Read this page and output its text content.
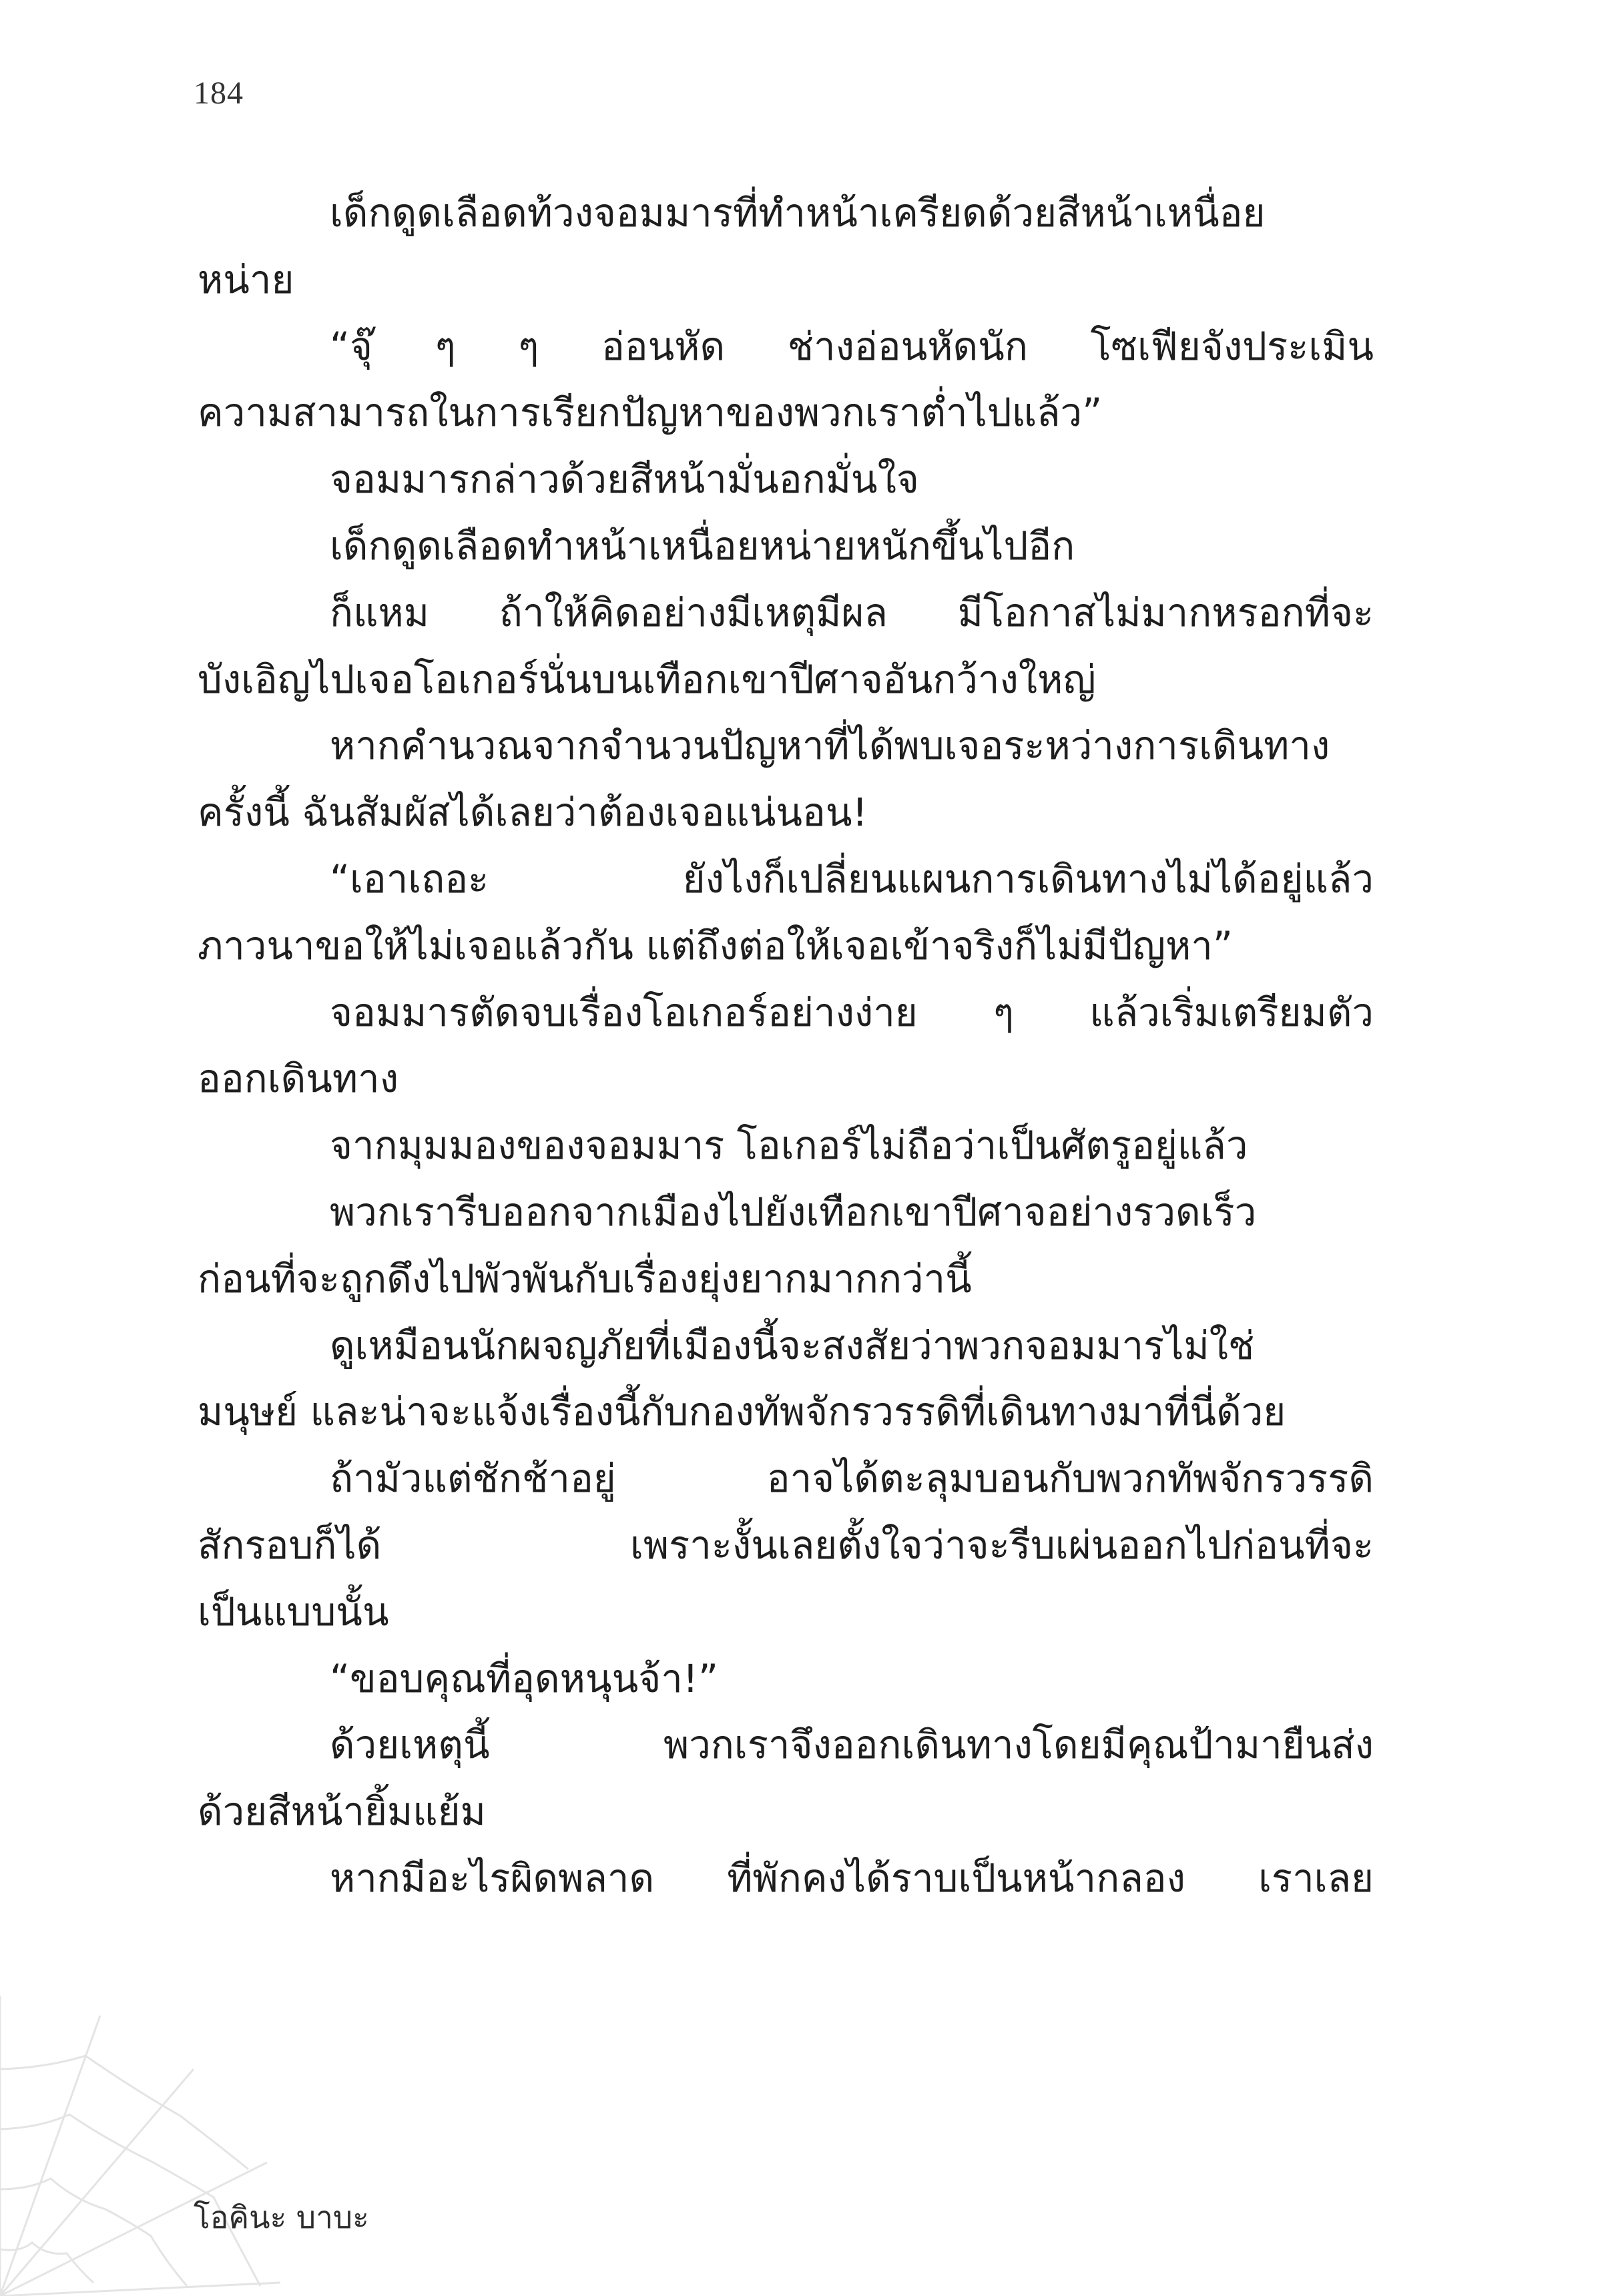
184
เด็กดูดเลือดท้วงจอมมารที่ทำหน้าเครียดด้วยสีหน้าเหนื่อย
หน่าย
“จุ๊ ๆ ๆ อ่อนหัด ช่างอ่อนหัดนัก โซเฟียจังประเมิน
ความสามารถในการเรียกปัญหาของพวกเราต่ำไปแล้ว”
จอมมารกล่าวด้วยสีหน้ามั่นอกมั่นใจ
เด็กดูดเลือดทำหน้าเหนื่อยหน่ายหนักขึ้นไปอีก
ก็แหม ถ้าให้คิดอย่างมีเหตุมีผล มีโอกาสไม่มากหรอกที่จะ
บังเอิญไปเจอโอเกอร์นั่นบนเทือกเขาปีศาจอันกว้างใหญ่
หากคำนวณจากจำนวนปัญหาที่ได้พบเจอระหว่างการเดินทาง
ครั้งนี้ ฉันสัมผัสได้เลยว่าต้องเจอแน่นอน!
“เอาเถอะ ยังไงก็เปลี่ยนแผนการเดินทางไม่ได้อยู่แล้ว
ภาวนาขอให้ไม่เจอแล้วกัน แต่ถึงต่อให้เจอเข้าจริงก็ไม่มีปัญหา”
จอมมารตัดจบเรื่องโอเกอร์อย่างง่าย ๆ แล้วเริ่มเตรียมตัว
ออกเดินทาง
จากมุมมองของจอมมาร โอเกอร์ไม่ถือว่าเป็นศัตรูอยู่แล้ว
พวกเรารีบออกจากเมืองไปยังเทือกเขาปีศาจอย่างรวดเร็ว
ก่อนที่จะถูกดึงไปพัวพันกับเรื่องยุ่งยากมากกว่านี้
ดูเหมือนนักผจญภัยที่เมืองนี้จะสงสัยว่าพวกจอมมารไม่ใช่
มนุษย์ และน่าจะแจ้งเรื่องนี้กับกองทัพจักรวรรดิที่เดินทางมาที่นี่ด้วย
ถ้ามัวแต่ชักช้าอยู่ อาจได้ตะลุมบอนกับพวกทัพจักรวรรดิ
สักรอบก็ได้ เพราะงั้นเลยตั้งใจว่าจะรีบเผ่นออกไปก่อนที่จะ
เป็นแบบนั้น
“ขอบคุณที่อุดหนุนจ้า!”
ด้วยเหตุนี้ พวกเราจึงออกเดินทางโดยมีคุณป้ามายืนส่ง
ด้วยสีหน้ายิ้มแย้ม
หากมีอะไรผิดพลาด ที่พักคงได้ราบเป็นหน้ากลอง เราเลย
โอคินะ บาบะ
